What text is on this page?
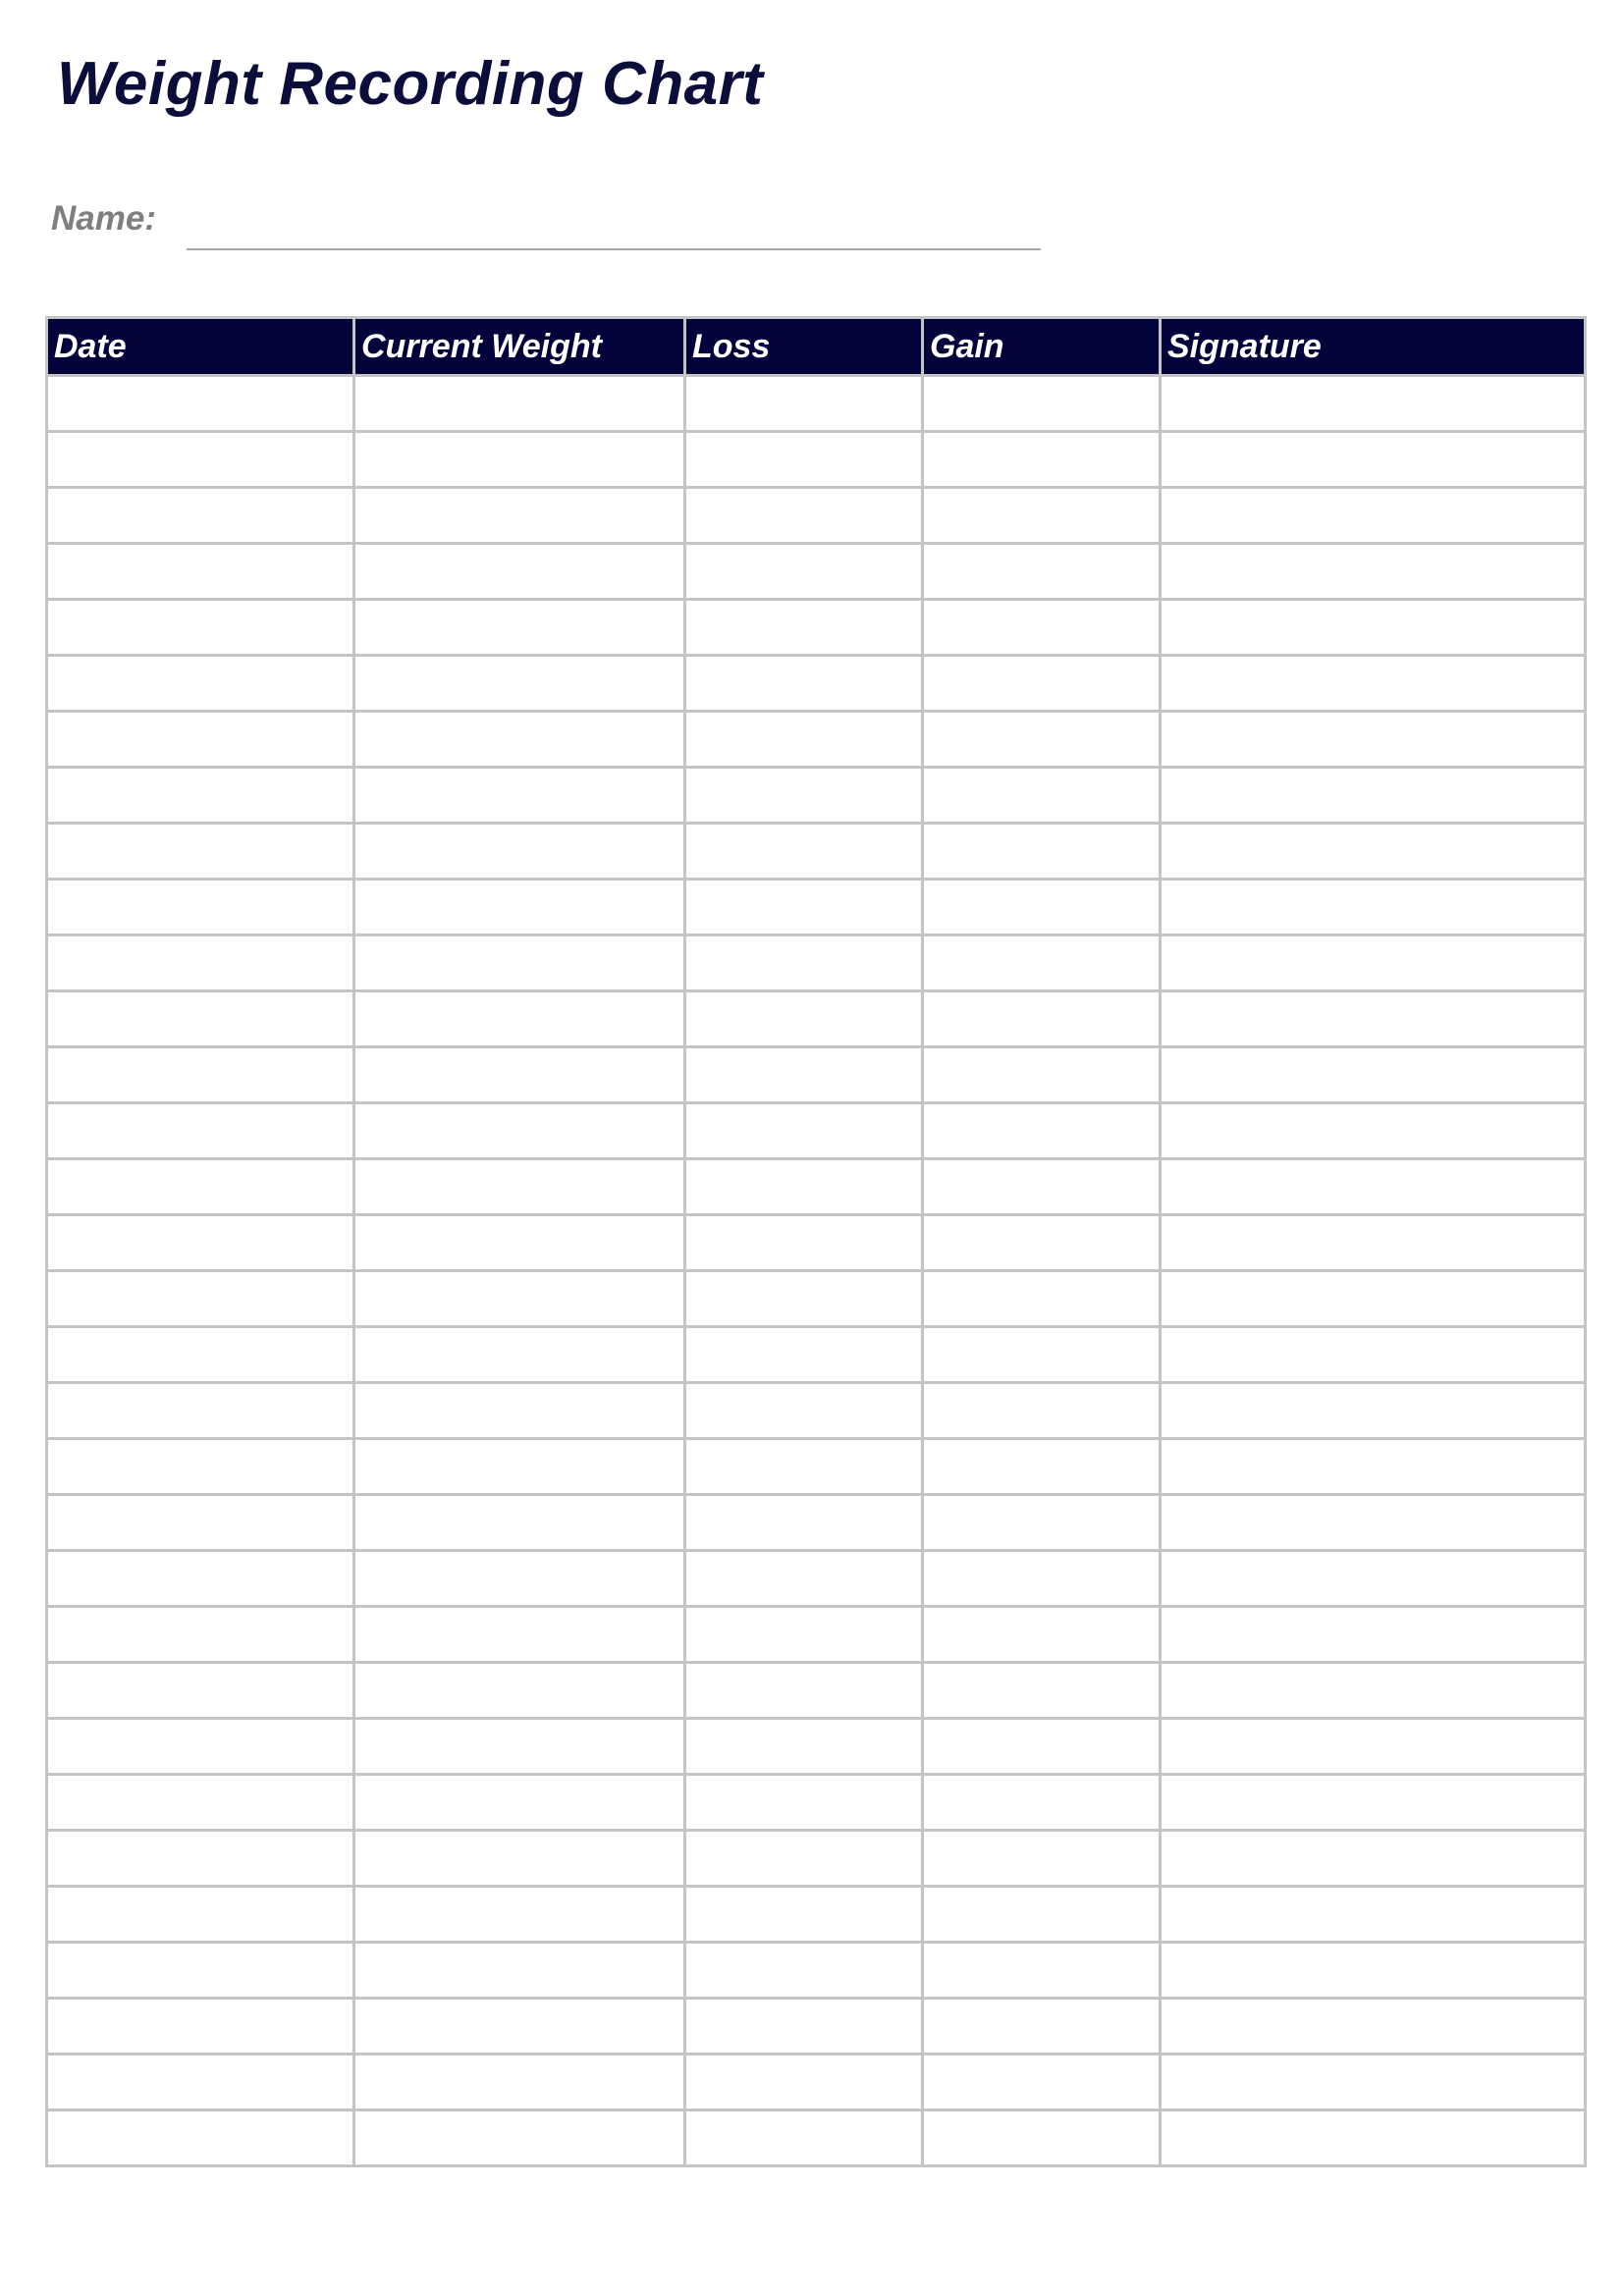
Weight Recording Chart
Name:
Date	Current Weight	Loss	Gain	Signature
